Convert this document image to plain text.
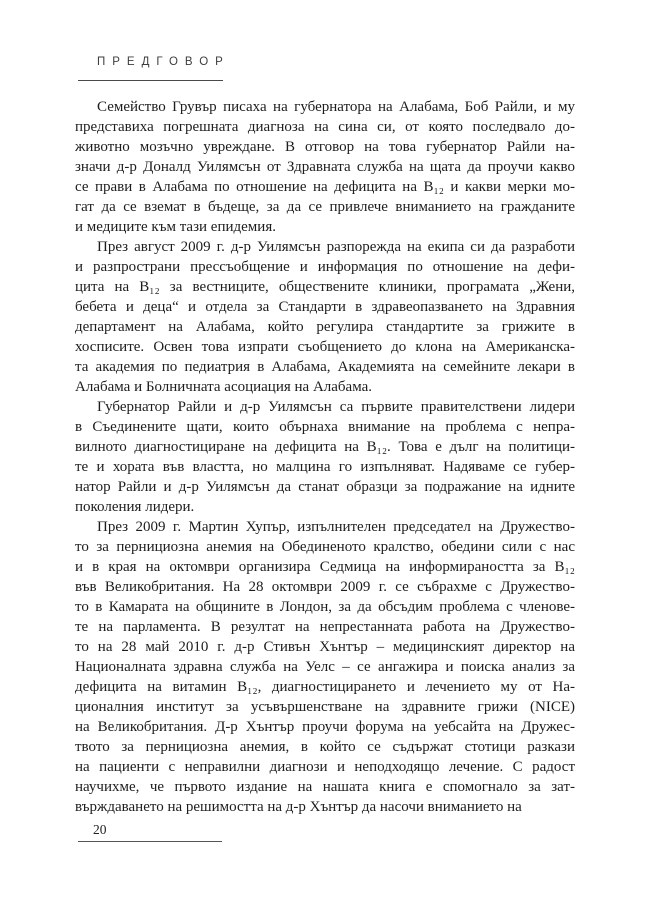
ПРЕДГОВОР
Семейство Грувър писаха на губернатора на Алабама, Боб Райли, и му
представиха погрешната диагноза на сина си, от която последвало до-
животно мозъчно увреждане. В отговор на това губернатор Райли на-
значи д-р Доналд Уилямсън от Здравната служба на щата да проучи какво
се прави в Алабама по отношение на дефицита на B₁₂ и какви мерки мо-
гат да се вземат в бъдеще, за да се привлече вниманието на гражданите
и медиците към тази епидемия.
През август 2009 г. д-р Уилямсън разпорежда на екипа си да разработи
и разпространи прессъобщение и информация по отношение на дефи-
цита на B₁₂ за вестниците, обществените клиники, програмата „Жени,
бебета и деца“ и отдела за Стандарти в здравеопазването на Здравния
департамент на Алабама, който регулира стандартите за грижите в
хосписите. Освен това изпрати съобщението до клона на Американска-
та академия по педиатрия в Алабама, Академията на семейните лекари в
Алабама и Болничната асоциация на Алабама.
Губернатор Райли и д-р Уилямсън са първите правителствени лидери
в Съединените щати, които обърнаха внимание на проблема с непра-
вилното диагностициране на дефицита на B₁₂. Това е дълг на политици-
те и хората във властта, но малцина го изпълняват. Надяваме се губер-
натор Райли и д-р Уилямсън да станат образци за подражание на идните
поколения лидери.
През 2009 г. Мартин Хупър, изпълнителен председател на Дружество-
то за пернициозна анемия на Обединеното кралство, обедини сили с нас
и в края на октомври организира Седмица на информираността за B₁₂
във Великобритания. На 28 октомври 2009 г. се събрахме с Дружество-
то в Камарата на общините в Лондон, за да обсъдим проблема с членове-
те на парламента. В резултат на непрестанната работа на Дружество-
то на 28 май 2010 г. д-р Стивън Хънтър – медицинският директор на
Националната здравна служба на Уелс – се ангажира и поиска анализ за
дефицита на витамин B₁₂, диагностицирането и лечението му от На-
ционалния институт за усъвършенстване на здравните грижи (NICE)
на Великобритания. Д-р Хънтър проучи форума на уебсайта на Дружес-
твото за пернициозна анемия, в който се съдържат стотици разкази
на пациенти с неправилни диагнози и неподходящо лечение. С радост
научихме, че първото издание на нашата книга е спомогнало за зат-
върждаването на решимостта на д-р Хънтър да насочи вниманието на
20
